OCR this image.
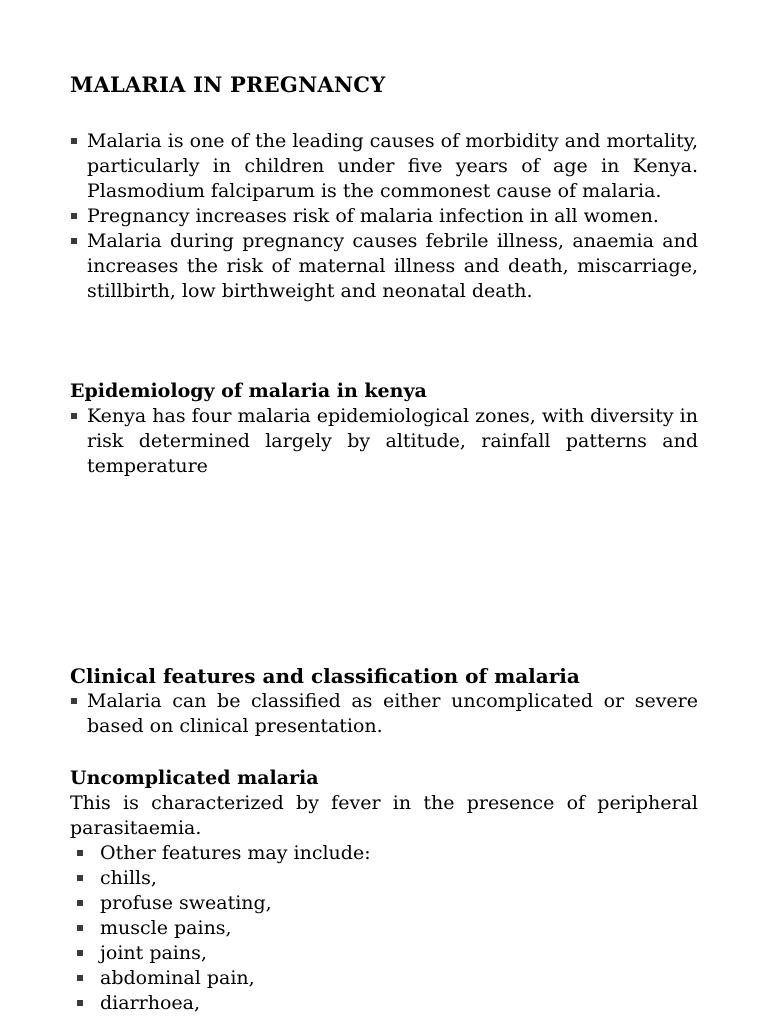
MALARIA IN PREGNANCY
Malaria is one of the leading causes of morbidity and mortality, particularly in children under five years of age in Kenya. Plasmodium falciparum is the commonest cause of malaria.
Pregnancy increases risk of malaria infection in all women.
Malaria during pregnancy causes febrile illness, anaemia and increases the risk of maternal illness and death, miscarriage, stillbirth, low birthweight and neonatal death.
Epidemiology of malaria in kenya
Kenya has four malaria epidemiological zones, with diversity in risk determined largely by altitude, rainfall patterns and temperature
Clinical features and classification of malaria
Malaria can be classified as either uncomplicated or severe based on clinical presentation.
Uncomplicated malaria

This is characterized by fever in the presence of peripheral parasitaemia.

Other features may include:
chills,
profuse sweating,
muscle pains,
joint pains,
abdominal pain,
diarrhoea,
